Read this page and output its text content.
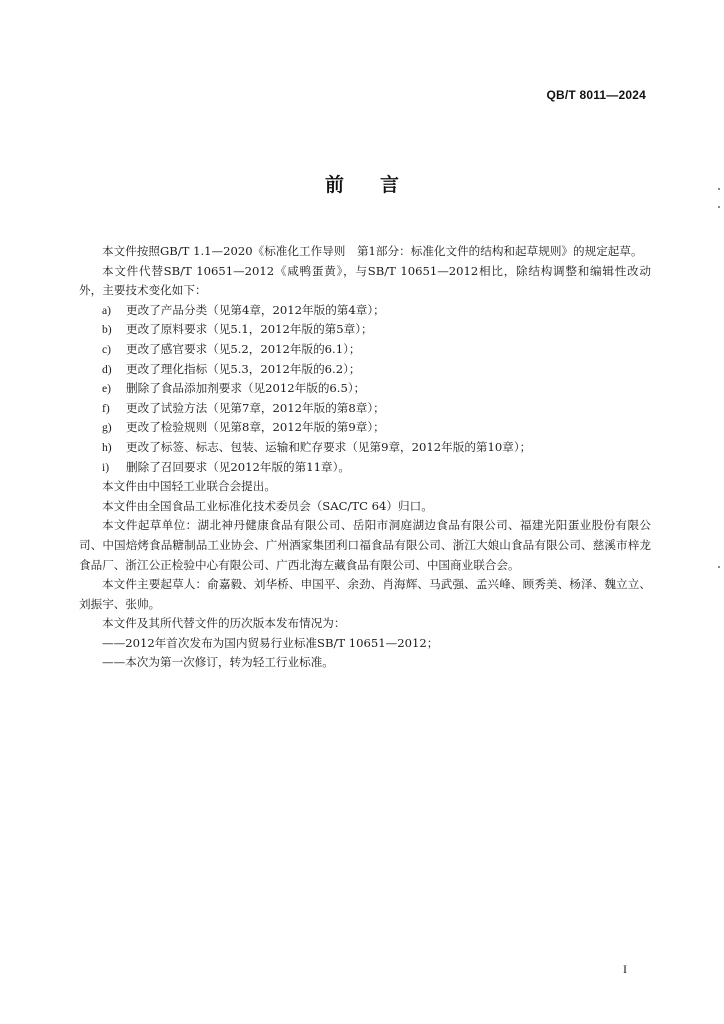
QB/T 8011—2024
前言

本文件按照GB/T 1.1—2020《标准化工作导则　第1部分：标准化文件的结构和起草规则》的规定起草。

本文件代替SB/T 10651—2012《咸鸭蛋黄》，与SB/T 10651—2012相比，除结构调整和编辑性改动外，主要技术变化如下：

a) 更改了产品分类（见第4章，2012年版的第4章）；

b) 更改了原料要求（见5.1，2012年版的第5章）；

c) 更改了感官要求（见5.2，2012年版的6.1）；

d) 更改了理化指标（见5.3，2012年版的6.2）；

e) 删除了食品添加剂要求（见2012年版的6.5）；

f) 更改了试验方法（见第7章，2012年版的第8章）；

g) 更改了检验规则（见第8章，2012年版的第9章）；

h) 更改了标签、标志、包装、运输和贮存要求（见第9章，2012年版的第10章）；

i) 删除了召回要求（见2012年版的第11章）。

本文件由中国轻工业联合会提出。

本文件由全国食品工业标准化技术委员会（SAC/TC 64）归口。

本文件起草单位：湖北神丹健康食品有限公司、岳阳市洞庭湖边食品有限公司、福建光阳蛋业股份有限公司、中国焙烤食品糖制品工业协会、广州酒家集团利口福食品有限公司、浙江大娘山食品有限公司、慈溪市梓龙食品厂、浙江公正检验中心有限公司、广西北海左藏食品有限公司、中国商业联合会。

本文件主要起草人：俞嘉毅、刘华桥、申国平、余劲、肖海辉、马武强、孟兴峰、顾秀美、杨泽、魏立立、刘振宇、张帅。

本文件及其所代替文件的历次版本发布情况为：

——2012年首次发布为国内贸易行业标准SB/T 10651—2012；

——本次为第一次修订，转为轻工行业标准。

I
